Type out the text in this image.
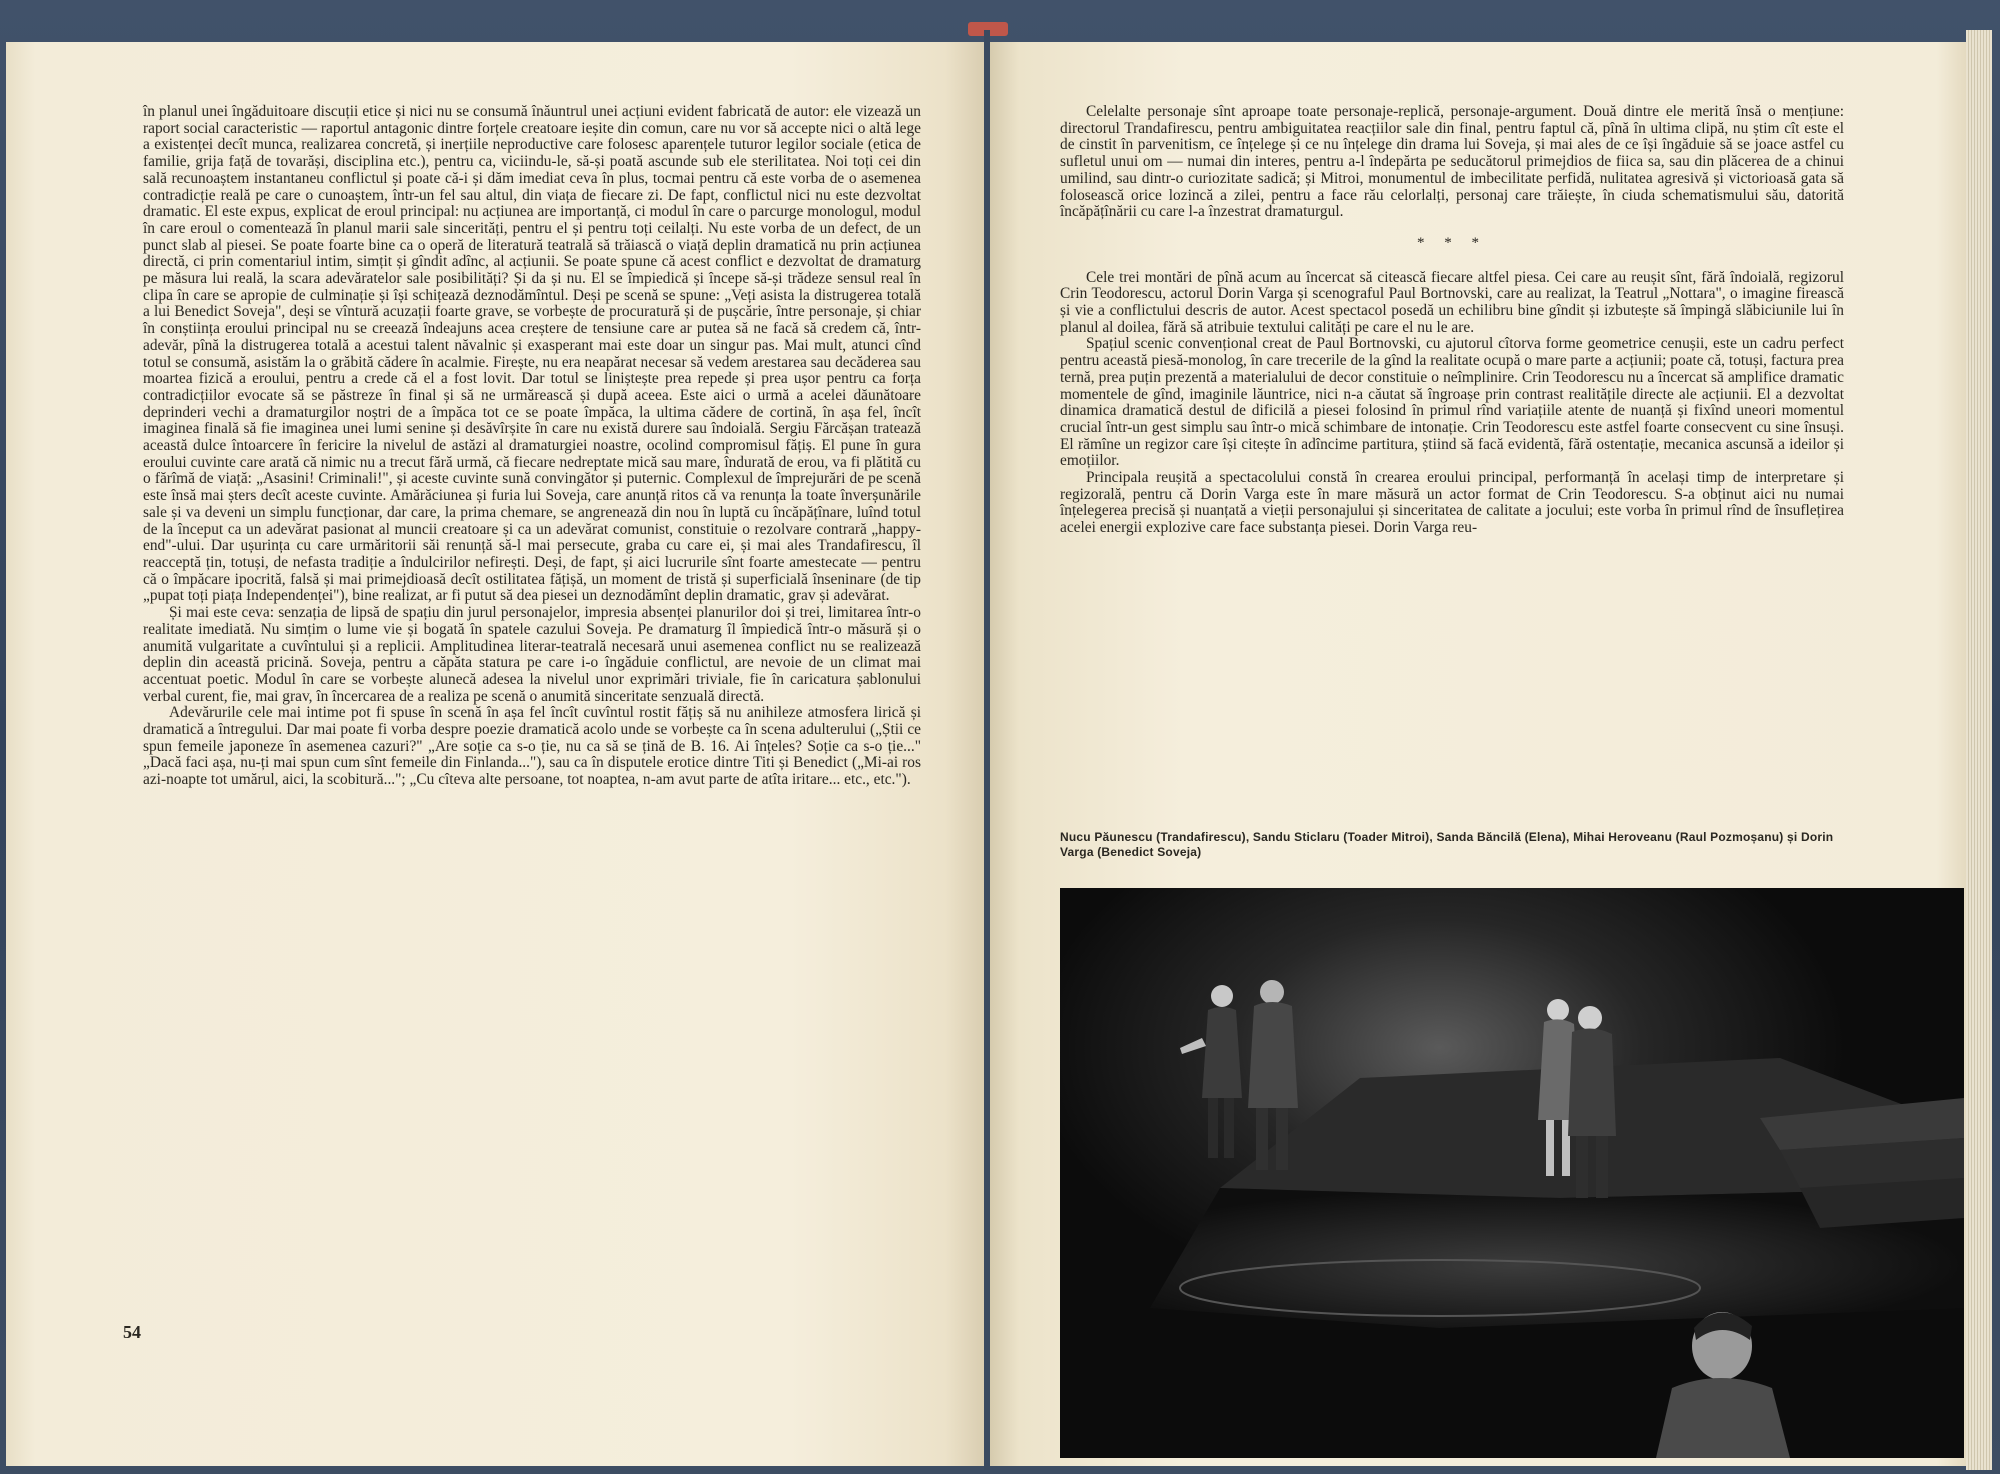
în planul unei îngăduitoare discuții etice și nici nu se consumă înăuntrul unei acțiuni evident fabricată de autor: ele vizează un raport social caracteristic — raportul antagonic dintre forțele creatoare ieșite din comun, care nu vor să accepte nici o altă lege a existenței decît munca, realizarea concretă, și inerțiile neproductive care folosesc aparențele tuturor legilor sociale (etica de familie, grija față de tovarăși, disciplina etc.), pentru ca, viciindu-le, să-și poată ascunde sub ele sterilitatea. Noi toți cei din sală recunoaștem instantaneu conflictul și poate că-i și dăm imediat ceva în plus, tocmai pentru că este vorba de o asemenea contradicție reală pe care o cunoaștem, într-un fel sau altul, din viața de fiecare zi. De fapt, conflictul nici nu este dezvoltat dramatic. El este expus, explicat de eroul principal: nu acțiunea are importanță, ci modul în care o parcurge monologul, modul în care eroul o comentează în planul marii sale sincerități, pentru el și pentru toți ceilalți. Nu este vorba de un defect, de un punct slab al piesei. Se poate foarte bine ca o operă de literatură teatrală să trăiască o viață deplin dramatică nu prin acțiunea directă, ci prin comentariul intim, simțit și gîndit adînc, al acțiunii. Se poate spune că acest conflict e dezvoltat de dramaturg pe măsura lui reală, la scara adevăratelor sale posibilități? Și da și nu. El se împiedică și începe să-și trădeze sensul real în clipa în care se apropie de culminație și își schițează deznodămîntul. Deși pe scenă se spune: „Veți asista la distrugerea totală a lui Benedict Soveja", deși se vîntură acuzații foarte grave, se vorbește de procuratură și de pușcărie, între personaje, și chiar în conștiința eroului principal nu se creează îndeajuns acea creștere de tensiune care ar putea să ne facă să credem că, într-adevăr, pînă la distrugerea totală a acestui talent năvalnic și exasperant mai este doar un singur pas. Mai mult, atunci cînd totul se consumă, asistăm la o grăbită cădere în acalmie. Firește, nu era neapărat necesar să vedem arestarea sau decăderea sau moartea fizică a eroului, pentru a crede că el a fost lovit. Dar totul se liniștește prea repede și prea ușor pentru ca forța contradicțiilor evocate să se păstreze în final și să ne urmărească și după aceea. Este aici o urmă a acelei dăunătoare deprinderi vechi a dramaturgilor noștri de a împăca tot ce se poate împăca, la ultima cădere de cortină, în așa fel, încît imaginea finală să fie imaginea unei lumi senine și desăvîrșite în care nu există durere sau îndoială. Sergiu Fărcășan tratează această dulce întoarcere în fericire la nivelul de astăzi al dramaturgiei noastre, ocolind compromisul fățiș. El pune în gura eroului cuvinte care arată că nimic nu a trecut fără urmă, că fiecare nedreptate mică sau mare, îndurată de erou, va fi plătită cu o fărîmă de viață: „Asasini! Criminali!", și aceste cuvinte sună convingător și puternic. Complexul de împrejurări de pe scenă este însă mai șters decît aceste cuvinte. Amărăciunea și furia lui Soveja, care anunță ritos că va renunța la toate înverșunările sale și va deveni un simplu funcționar, dar care, la prima chemare, se angrenează din nou în luptă cu încăpățînare, luînd totul de la început ca un adevărat pasionat al muncii creatoare și ca un adevărat comunist, constituie o rezolvare contrară „happy-end"-ului. Dar ușurința cu care urmăritorii săi renunță să-l mai persecute, graba cu care ei, și mai ales Trandafirescu, îl reacceptă țin, totuși, de nefasta tradiție a îndulcirilor nefirești. Deși, de fapt, și aici lucrurile sînt foarte amestecate — pentru că o împăcare ipocrită, falsă și mai primejdioasă decît ostilitatea fățișă, un moment de tristă și superficială înseninare (de tip „pupat toți piața Independenței"), bine realizat, ar fi putut să dea piesei un deznodămînt deplin dramatic, grav și adevărat.

Și mai este ceva: senzația de lipsă de spațiu din jurul personajelor, impresia absenței planurilor doi și trei, limitarea într-o realitate imediată. Nu simțim o lume vie și bogată în spatele cazului Soveja. Pe dramaturg îl împiedică într-o măsură și o anumită vulgaritate a cuvîntului și a replicii. Amplitudinea literar-teatrală necesară unui asemenea conflict nu se realizează deplin din această pricină. Soveja, pentru a căpăta statura pe care i-o îngăduie conflictul, are nevoie de un climat mai accentuat poetic. Modul în care se vorbește alunecă adesea la nivelul unor exprimări triviale, fie în caricatura șablonului verbal curent, fie, mai grav, în încercarea de a realiza pe scenă o anumită sinceritate senzuală directă.

Adevărurile cele mai intime pot fi spuse în scenă în așa fel încît cuvîntul rostit fățiș să nu anihileze atmosfera lirică și dramatică a întregului. Dar mai poate fi vorba despre poezie dramatică acolo unde se vorbește ca în scena adulterului („Știi ce spun femeile japoneze în asemenea cazuri?" „Are soție ca s-o ție, nu ca să se țină de B. 16. Ai înțeles? Soție ca s-o ție..." „Dacă faci așa, nu-ți mai spun cum sînt femeile din Finlanda..."), sau ca în disputele erotice dintre Titi și Benedict („Mi-ai ros azi-noapte tot umărul, aici, la scobitură..."; „Cu cîteva alte persoane, tot noaptea, n-am avut parte de atîta iritare... etc., etc.").

54

Celelalte personaje sînt aproape toate personaje-replică, personaje-argument. Două dintre ele merită însă o mențiune: directorul Trandafirescu, pentru ambiguitatea reacțiilor sale din final, pentru faptul că, pînă în ultima clipă, nu știm cît este el de cinstit în parvenitism, ce înțelege și ce nu înțelege din drama lui Soveja, și mai ales de ce își îngăduie să se joace astfel cu sufletul unui om — numai din interes, pentru a-l îndepărta pe seducătorul primejdios de fiica sa, sau din plăcerea de a chinui umilind, sau dintr-o curiozitate sadică; și Mitroi, monumentul de imbecilitate perfidă, nulitatea agresivă și victorioasă gata să folosească orice lozincă a zilei, pentru a face rău celorlalți, personaj care trăiește, în ciuda schematismului său, datorită încăpățînării cu care l-a înzestrat dramaturgul.

* * *

Cele trei montări de pînă acum au încercat să citească fiecare altfel piesa. Cei care au reușit sînt, fără îndoială, regizorul Crin Teodorescu, actorul Dorin Varga și scenograful Paul Bortnovski, care au realizat, la Teatrul „Nottara", o imagine firească și vie a conflictului descris de autor. Acest spectacol posedă un echilibru bine gîndit și izbutește să împingă slăbiciunile lui în planul al doilea, fără să atribuie textului calități pe care el nu le are.

Spațiul scenic convențional creat de Paul Bortnovski, cu ajutorul cîtorva forme geometrice cenușii, este un cadru perfect pentru această piesă-monolog, în care trecerile de la gînd la realitate ocupă o mare parte a acțiunii; poate că, totuși, factura prea ternă, prea puțin prezentă a materialului de decor constituie o neîmplinire. Crin Teodorescu nu a încercat să amplifice dramatic momentele de gînd, imaginile lăuntrice, nici n-a căutat să îngroașe prin contrast realitățile directe ale acțiunii. El a dezvoltat dinamica dramatică destul de dificilă a piesei folosind în primul rînd variațiile atente de nuanță și fixînd uneori momentul crucial într-un gest simplu sau într-o mică schimbare de intonație. Crin Teodorescu este astfel foarte consecvent cu sine însuși. El rămîne un regizor care își citește în adîncime partitura, știind să facă evidentă, fără ostentație, mecanica ascunsă a ideilor și emoțiilor.

Principala reușită a spectacolului constă în crearea eroului principal, performanță în același timp de interpretare și regizorală, pentru că Dorin Varga este în mare măsură un actor format de Crin Teodorescu. S-a obținut aici nu numai înțelegerea precisă și nuanțată a vieții personajului și sinceritatea de calitate a jocului; este vorba în primul rînd de însuflețirea acelei energii explozive care face substanța piesei. Dorin Varga reu-

Nucu Păunescu (Trandafirescu), Sandu Sticlaru (Toader Mitroi), Sanda Băncilă (Elena), Mihai Heroveanu (Raul Pozmoșanu) și Dorin Varga (Benedict Soveja)
